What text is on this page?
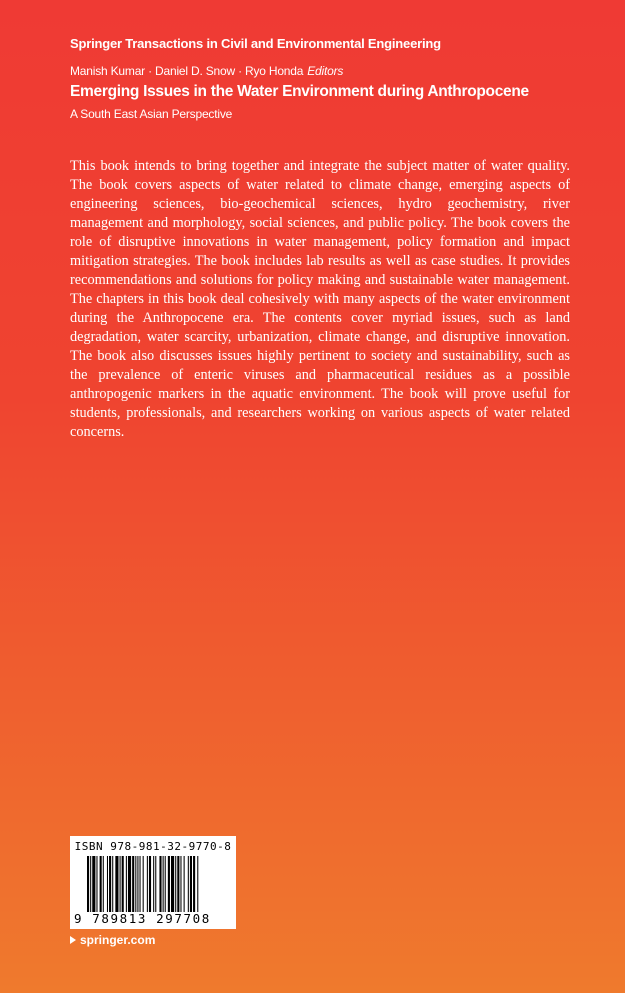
Springer Transactions in Civil and Environmental Engineering
Manish Kumar · Daniel D. Snow · Ryo Honda Editors
Emerging Issues in the Water Environment during Anthropocene
A South East Asian Perspective

This book intends to bring together and integrate the subject matter of water quality. The book covers aspects of water related to climate change, emerging aspects of engineering sciences, bio-geochemical sciences, hydro geochemistry, river management and morphology, social sciences, and public policy. The book covers the role of disruptive innovations in water management, policy formation and impact mitigation strategies. The book includes lab results as well as case studies. It provides recommendations and solutions for policy making and sustainable water management. The chapters in this book deal cohesively with many aspects of the water environment during the Anthropocene era. The contents cover myriad issues, such as land degradation, water scarcity, urbanization, climate change, and disruptive innovation. The book also discusses issues highly pertinent to society and sustainability, such as the prevalence of enteric viruses and pharmaceutical residues as a possible anthropogenic markers in the aquatic environment. The book will prove useful for students, professionals, and researchers working on various aspects of water related concerns.

ISBN 978-981-32-9770-8
9 789813 297708
springer.com
